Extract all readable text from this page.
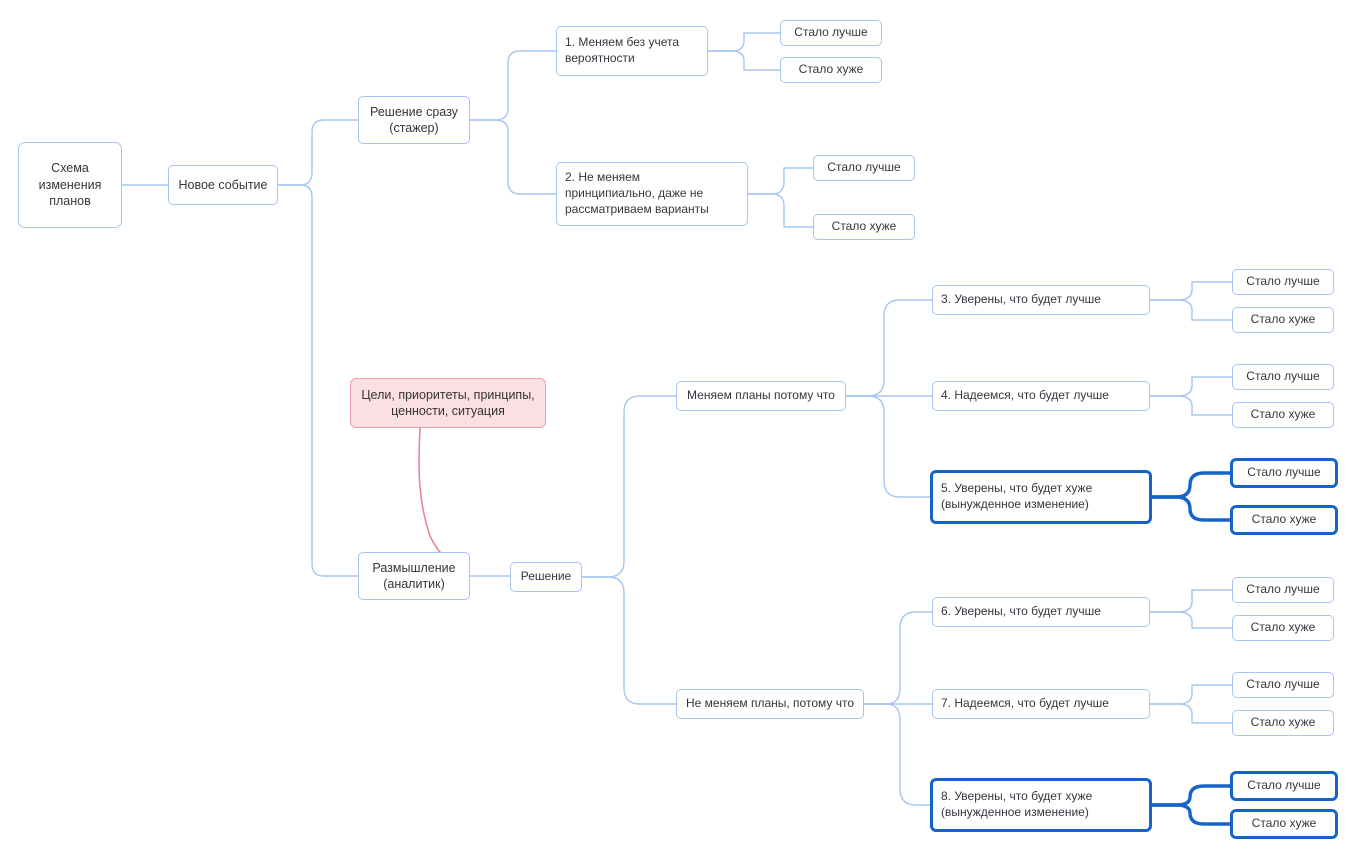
Схема
изменения
планов
Новое событие
Решение сразу
(стажер)
Размышление
(аналитик)
Цели, приоритеты, принципы,
ценности, ситуация
1. Меняем без учета
вероятности
2. Не меняем
принципиально, даже не
рассматриваем варианты
Стало лучше
Стало хуже
Стало лучше
Стало хуже
Решение
Меняем планы потому что
Не меняем планы, потому что
3. Уверены, что будет лучше
4. Надеемся, что будет лучше
5. Уверены, что будет хуже
(вынужденное изменение)
6. Уверены, что будет лучше
7. Надеемся, что будет лучше
8. Уверены, что будет хуже
(вынужденное изменение)
Стало лучше
Стало хуже
Стало лучше
Стало хуже
Стало лучше
Стало хуже
Стало лучше
Стало хуже
Стало лучше
Стало хуже
Стало лучше
Стало хуже
